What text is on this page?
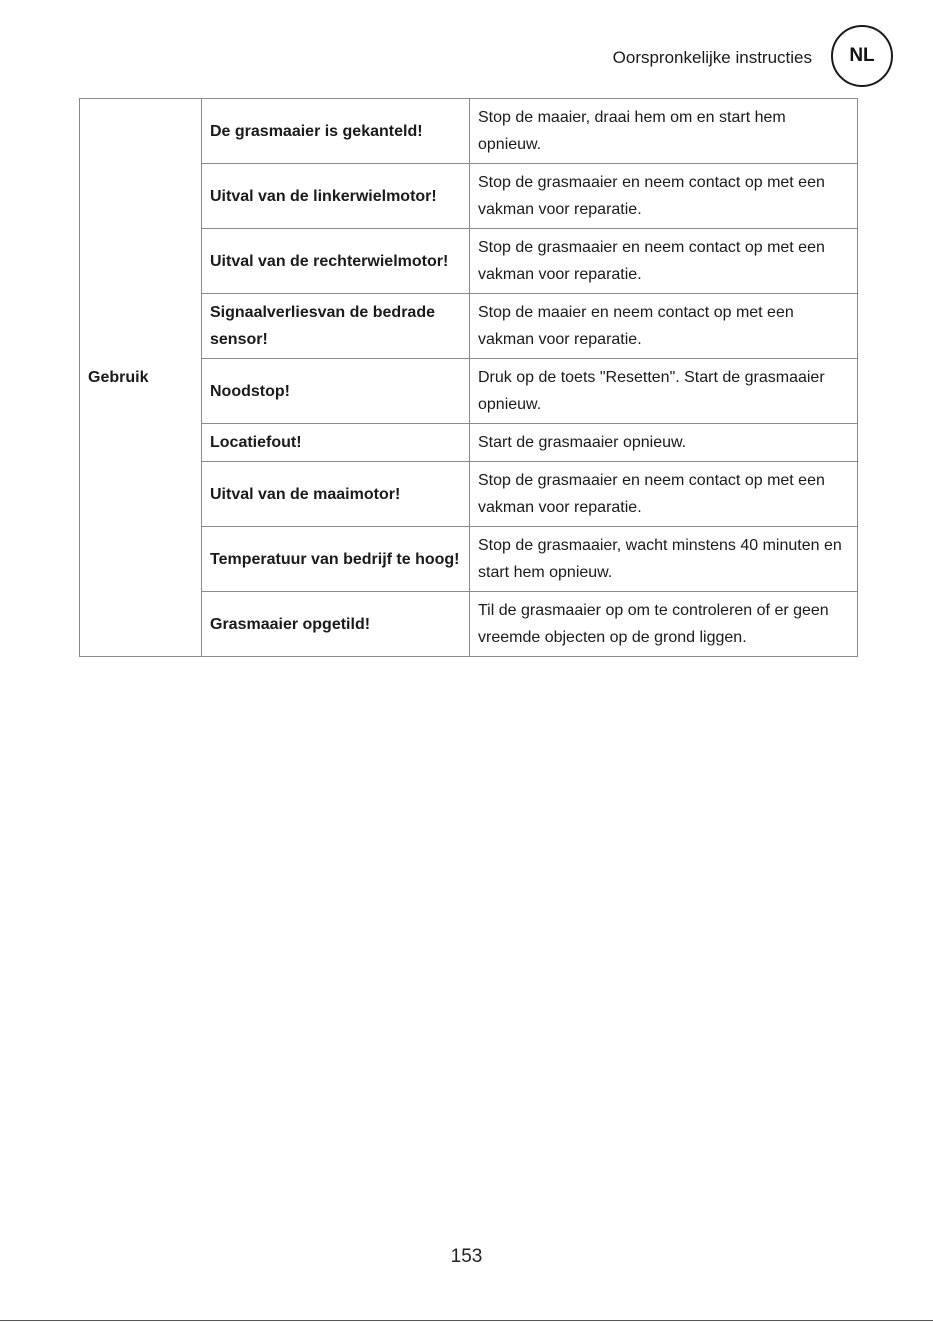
Oorspronkelijke instructies	NL
Gebruik	De grasmaaier is gekanteld!	Stop de maaier, draai hem om en start hem opnieuw.
	Uitval van de linkerwielmotor!	Stop de grasmaaier en neem contact op met een vakman voor reparatie.
	Uitval van de rechterwielmotor!	Stop de grasmaaier en neem contact op met een vakman voor reparatie.
	Signaalverliesvan de bedrade sensor!	Stop de maaier en neem contact op met een vakman voor reparatie.
	Noodstop!	Druk op de toets "Resetten". Start de grasmaaier opnieuw.
	Locatiefout!	Start de grasmaaier opnieuw.
	Uitval van de maaimotor!	Stop de grasmaaier en neem contact op met een vakman voor reparatie.
	Temperatuur van bedrijf te hoog!	Stop de grasmaaier, wacht minstens 40 minuten en start hem opnieuw.
	Grasmaaier opgetild!	Til de grasmaaier op om te controleren of er geen vreemde objecten op de grond liggen.
153
